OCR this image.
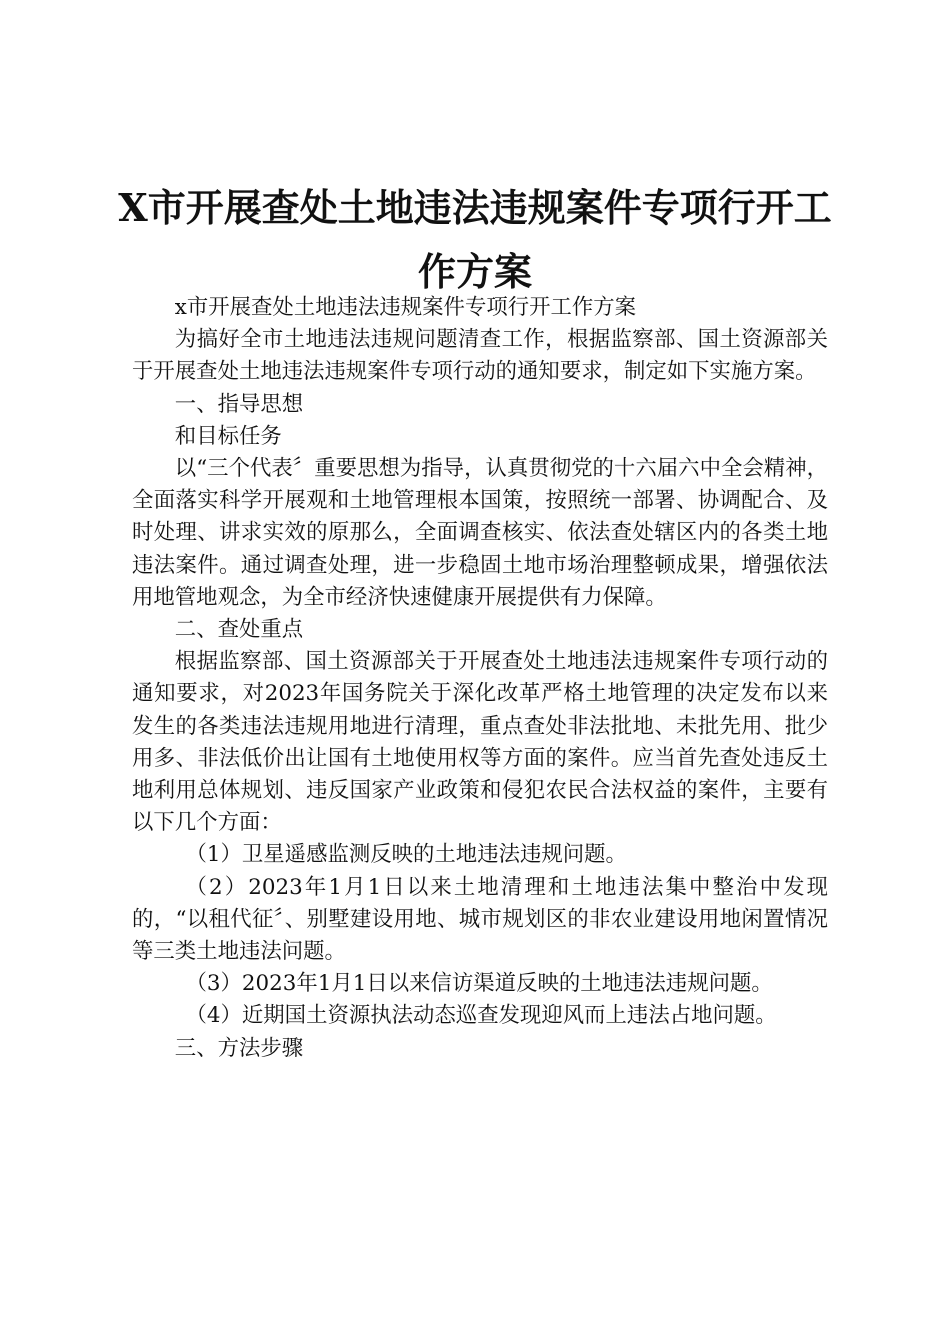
X市开展查处土地违法违规案件专项行开工作方案

x市开展查处土地违法违规案件专项行开工作方案

为搞好全市土地违法违规问题清查工作，根据监察部、国土资源部关于开展查处土地违法违规案件专项行动的通知要求，制定如下实施方案。

一、指导思想

和目标任务

以“三个代表〞重要思想为指导，认真贯彻党的十六届六中全会精神，全面落实科学开展观和土地管理根本国策，按照统一部署、协调配合、及时处理、讲求实效的原那么，全面调查核实、依法查处辖区内的各类土地违法案件。通过调查处理，进一步稳固土地市场治理整顿成果，增强依法用地管地观念，为全市经济快速健康开展提供有力保障。

二、查处重点

根据监察部、国土资源部关于开展查处土地违法违规案件专项行动的通知要求，对2023年国务院关于深化改革严格土地管理的决定发布以来发生的各类违法违规用地进行清理，重点查处非法批地、未批先用、批少用多、非法低价出让国有土地使用权等方面的案件。应当首先查处违反土地利用总体规划、违反国家产业政策和侵犯农民合法权益的案件，主要有以下几个方面：

（1）卫星遥感监测反映的土地违法违规问题。

（2）2023年1月1日以来土地清理和土地违法集中整治中发现的，“以租代征〞、别墅建设用地、城市规划区的非农业建设用地闲置情况等三类土地违法问题。

（3）2023年1月1日以来信访渠道反映的土地违法违规问题。

（4）近期国土资源执法动态巡查发现迎风而上违法占地问题。

三、方法步骤
